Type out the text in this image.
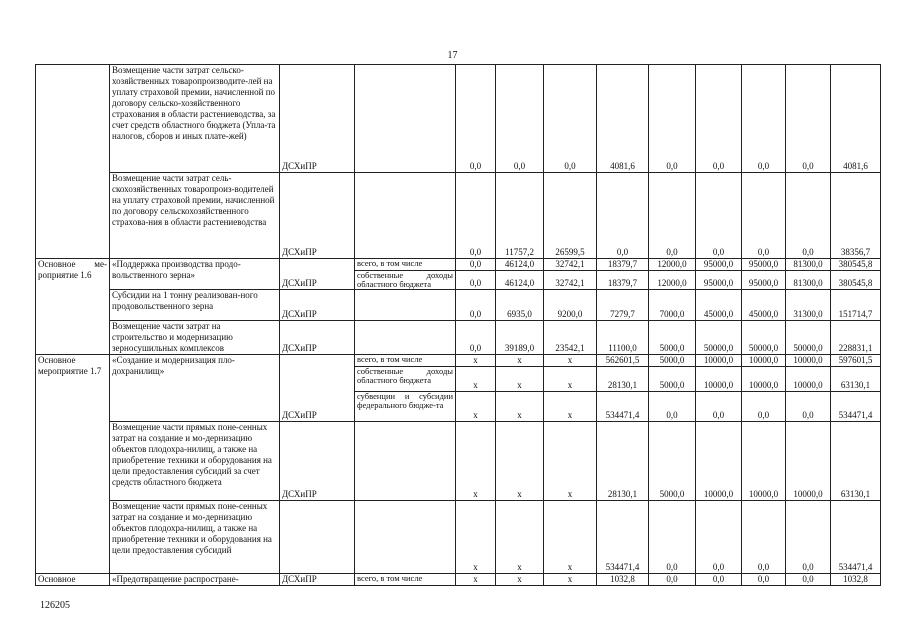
17
	Возмещение части затрат сельско-хозяйственных товаропроизводите-лей на уплату страховой премии, начисленной по договору сельско-хозяйственного страхования в области растениеводства, за счет средств областного бюджета (Упла-та налогов, сборов и иных плате-жей)	ДСХиПР		0,0	0,0	0,0	4081,6	0,0	0,0	0,0	0,0	4081,6
	Возмещение части затрат сель-скохозяйственных товаропроиз-водителей на уплату страховой премии, начисленной по договору сельскохозяйственного страхова-ния в области растениеводства	ДСХиПР		0,0	11757,2	26599,5	0,0	0,0	0,0	0,0	0,0	38356,7
Основное ме-роприятие 1.6	«Поддержка производства продо-вольственного зерна»	ДСХиПР	всего, в том числе	0,0	46124,0	32742,1	18379,7	12000,0	95000,0	95000,0	81300,0	380545,8
			собственные доходы областного бюджета	0,0	46124,0	32742,1	18379,7	12000,0	95000,0	95000,0	81300,0	380545,8
	Субсидии на 1 тонну реализован-ного продовольственного зерна	ДСХиПР		0,0	6935,0	9200,0	7279,7	7000,0	45000,0	45000,0	31300,0	151714,7
	Возмещение части затрат на строительство и модернизацию зерносушильных комплексов	ДСХиПР		0,0	39189,0	23542,1	11100,0	5000,0	50000,0	50000,0	50000,0	228831,1
Основное мероприятие 1.7	«Создание и модернизация пло-дохранилищ»	ДСХиПР	всего, в том числе	х	х	х	562601,5	5000,0	10000,0	10000,0	10000,0	597601,5
			собственные доходы областного бюджета	х	х	х	28130,1	5000,0	10000,0	10000,0	10000,0	63130,1
			субвенции и субсидии федерального бюдже-та	х	х	х	534471,4	0,0	0,0	0,0	0,0	534471,4
	Возмещение части прямых поне-сенных затрат на создание и мо-дернизацию объектов плодохра-нилищ, а также на приобретение техники и оборудования на цели предоставления субсидий за счет средств областного бюджета	ДСХиПР		х	х	х	28130,1	5000,0	10000,0	10000,0	10000,0	63130,1
	Возмещение части прямых поне-сенных затрат на создание и мо-дернизацию объектов плодохра-нилищ, а также на приобретение техники и оборудования на цели предоставления субсидий			х	х	х	534471,4	0,0	0,0	0,0	0,0	534471,4
Основное	«Предотвращение распростране-	ДСХиПР	всего, в том числе	х	х	х	1032,8	0,0	0,0	0,0	0,0	1032,8
126205
